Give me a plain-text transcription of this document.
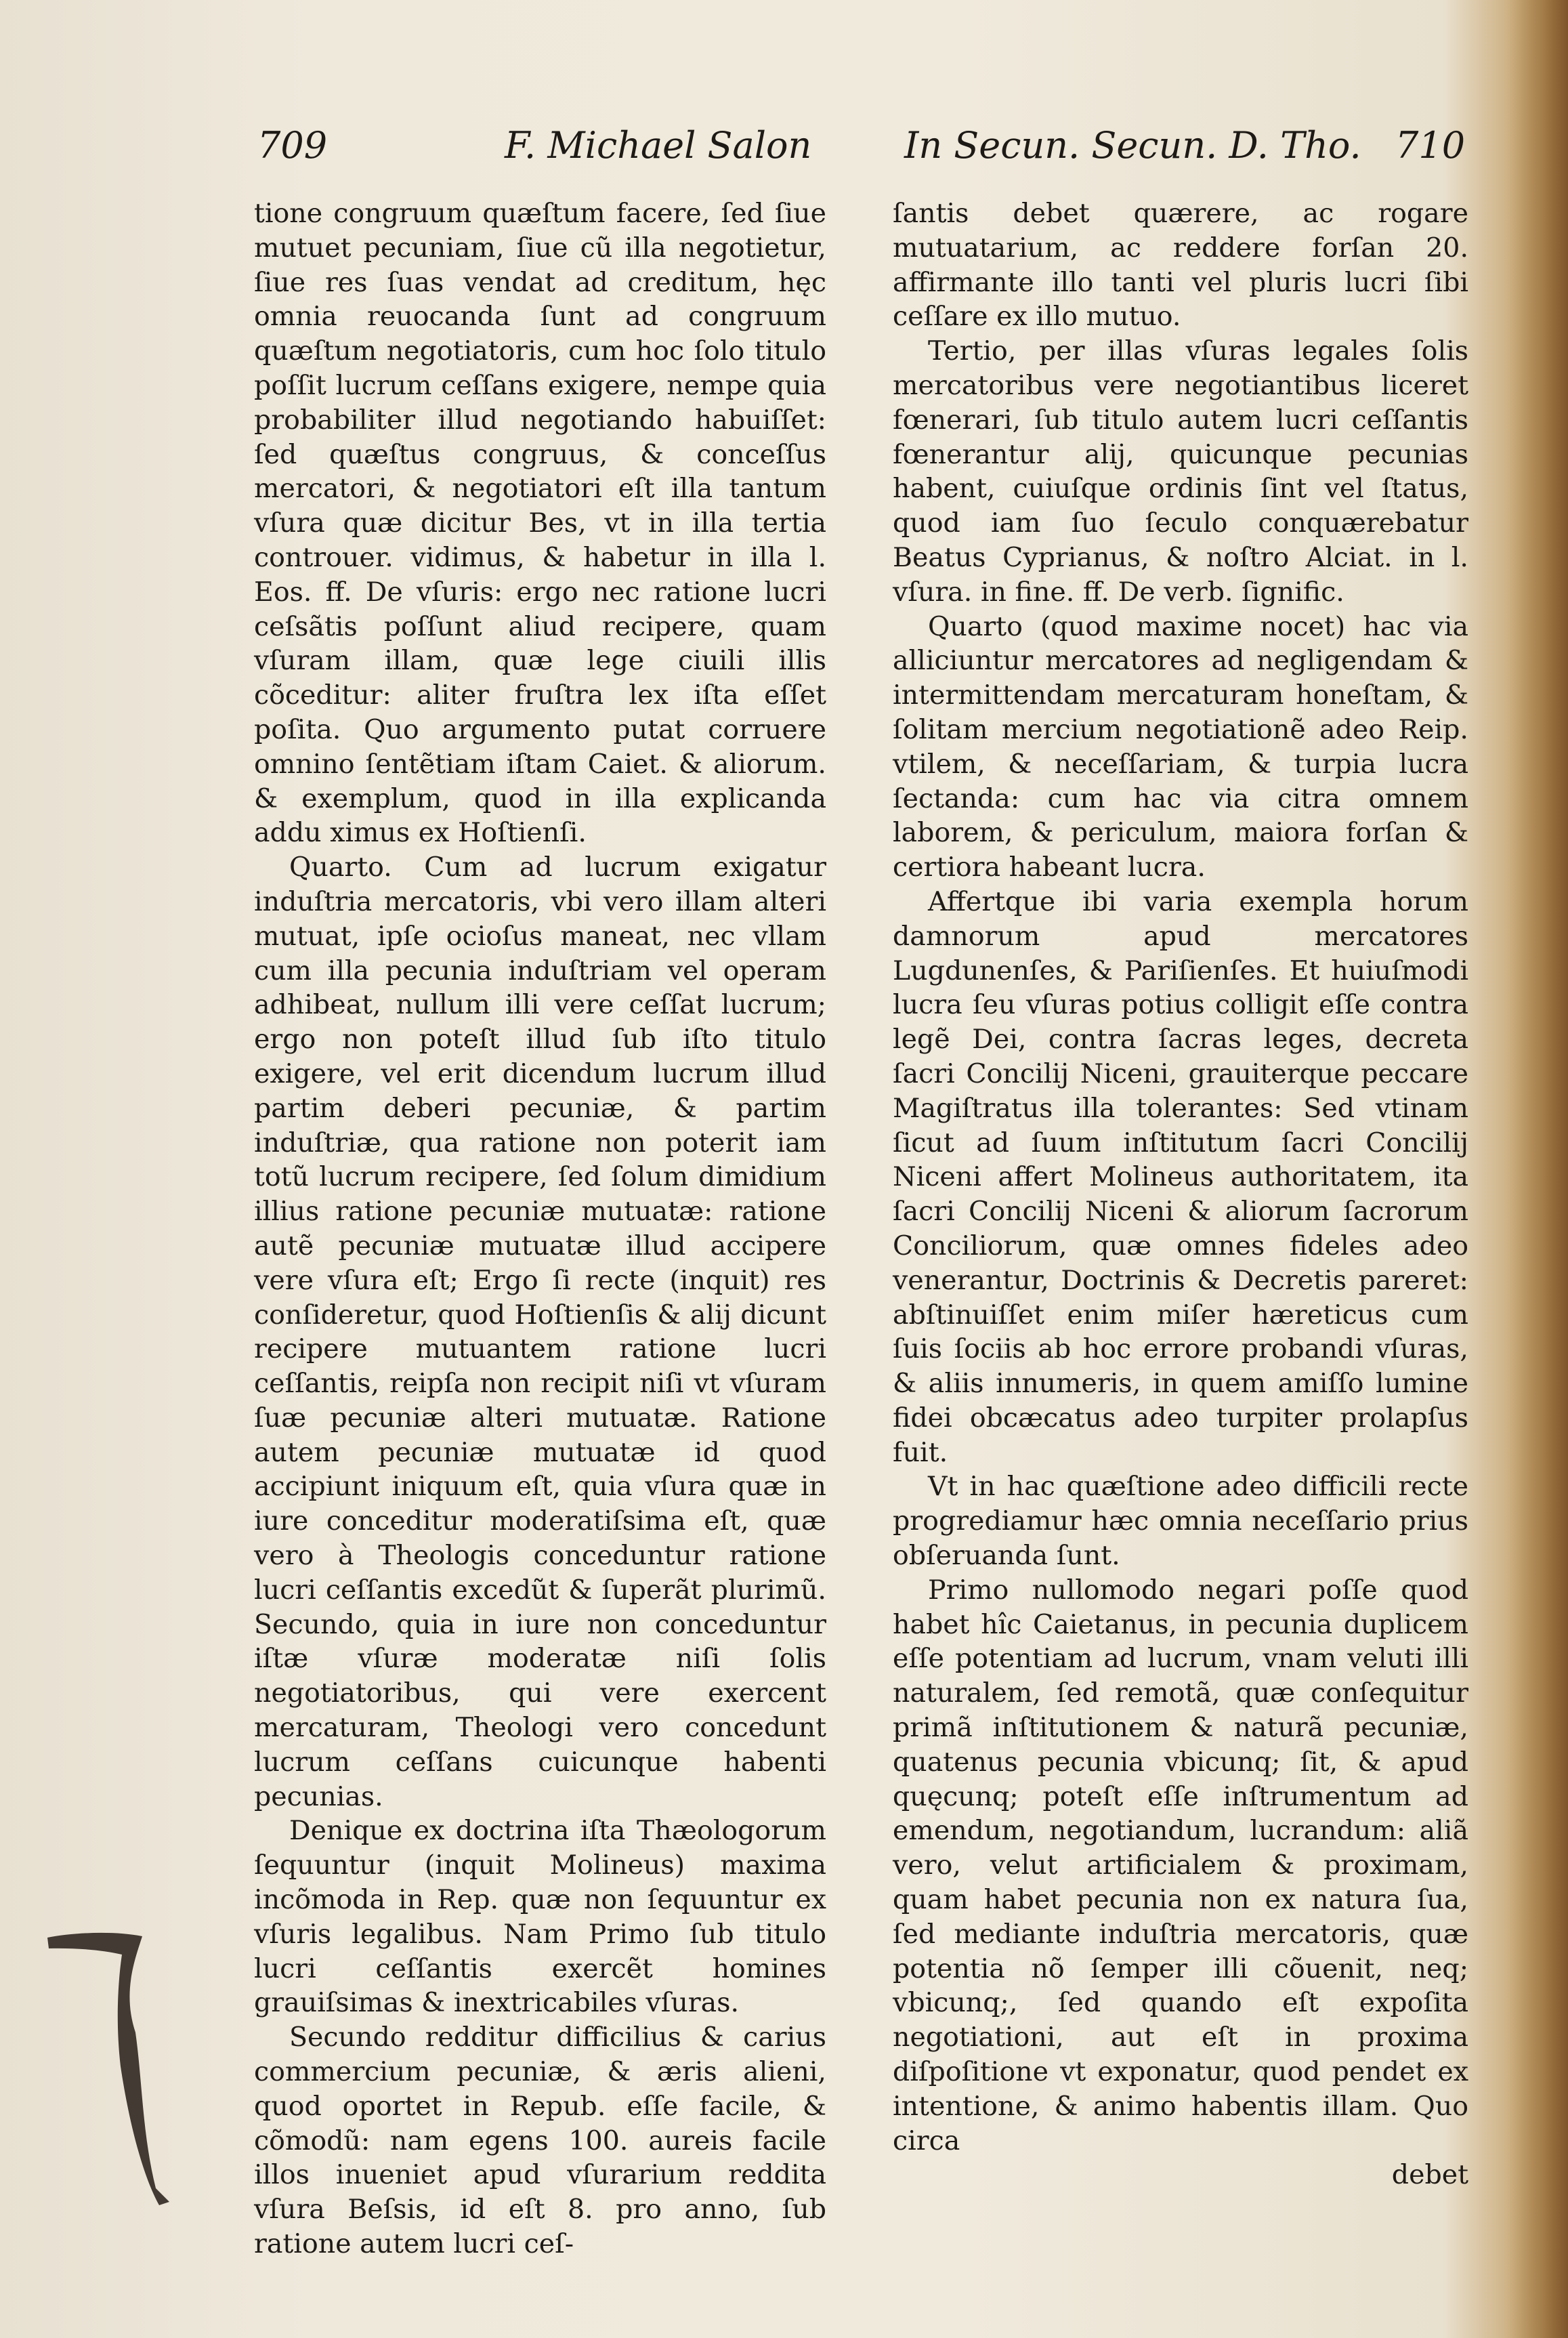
709	F. Michael Salon	In Secun. Secun. D. Tho. 710

tione congruum quæſtum facere, ſed ſiue mutuet pecuniam, ſiue cũ illa negotietur, ſiue res ſuas vendat ad creditum, hęc omnia reuocanda ſunt ad congruum quæſtum negotiatoris, cum hoc ſolo titulo poſſit lucrum ceſſans exigere, nempe quia probabiliter illud negotiando habuiſſet: ſed quæſtus congruus, & conceſſus mercatori, & negotiatori eſt illa tantum vſura quæ dicitur Bes, vt in illa tertia controuer. vidimus, & habetur in illa l. Eos. ff. De vſuris: ergo nec ratione lucri ceſsãtis poſſunt aliud recipere, quam vſuram illam, quæ lege ciuili illis cõceditur: aliter fruſtra lex iſta eſſet poſita. Quo argumento putat corruere omnino ſentẽtiam iſtam Caiet. & aliorum. & exemplum, quod in illa explicanda addu ximus ex Hoſtienſi.

Quarto. Cum ad lucrum exigatur induſtria mercatoris, vbi vero illam alteri mutuat, ipſe ocioſus maneat, nec vllam cum illa pecunia induſtriam vel operam adhibeat, nullum illi vere ceſſat lucrum; ergo non poteſt illud ſub iſto titulo exigere, vel erit dicendum lucrum illud partim deberi pecuniæ, & partim induſtriæ, qua ratione non poterit iam totũ lucrum recipere, ſed ſolum dimidium illius ratione pecuniæ mutuatæ: ratione autẽ pecuniæ mutuatæ illud accipere vere vſura eſt; Ergo ſi recte (inquit) res conſideretur, quod Hoſtienſis & alij dicunt recipere mutuantem ratione lucri ceſſantis, reipſa non recipit niſi vt vſuram ſuæ pecuniæ alteri mutuatæ. Ratione autem pecuniæ mutuatæ id quod accipiunt iniquum eſt, quia vſura quæ in iure conceditur moderatiſsima eſt, quæ vero à Theologis conceduntur ratione lucri ceſſantis excedũt & ſuperãt plurimũ. Secundo, quia in iure non conceduntur iſtæ vſuræ moderatæ niſi ſolis negotiatoribus, qui vere exercent mercaturam, Theologi vero concedunt lucrum ceſſans cuicunque habenti pecunias.

Denique ex doctrina iſta Thæologorum ſequuntur (inquit Molineus) maxima incõmoda in Rep. quæ non ſequuntur ex vſuris legalibus. Nam Primo ſub titulo lucri ceſſantis exercẽt homines grauiſsimas & inextricabiles vſuras.

Secundo redditur difficilius & carius commercium pecuniæ, & æris alieni, quod oportet in Repub. eſſe facile, & cõmodũ: nam egens 100. aureis facile illos inueniet apud vſurarium reddita vſura Beſsis, id eſt 8. pro anno, ſub ratione autem lucri ceſ-

ſantis debet quærere, ac rogare mutuatarium, ac reddere forſan 20. affirmante illo tanti vel pluris lucri ſibi ceſſare ex illo mutuo.

Tertio, per illas vſuras legales ſolis mercatoribus vere negotiantibus liceret fœnerari, ſub titulo autem lucri ceſſantis fœnerantur alij, quicunque pecunias habent, cuiuſque ordinis ſint vel ſtatus, quod iam ſuo ſeculo conquærebatur Beatus Cyprianus, & noſtro Alciat. in l. vſura. in fine. ff. De verb. ſignific.

Quarto (quod maxime nocet) hac via alliciuntur mercatores ad negligendam & intermittendam mercaturam honeſtam, & ſolitam mercium negotiationẽ adeo Reip. vtilem, & neceſſariam, & turpia lucra ſectanda: cum hac via citra omnem laborem, & periculum, maiora forſan & certiora habeant lucra.

Affertque ibi varia exempla horum damnorum apud mercatores Lugdunenſes, & Pariſienſes. Et huiuſmodi lucra ſeu vſuras potius colligit eſſe contra legẽ Dei, contra ſacras leges, decreta ſacri Concilij Niceni, grauiterque peccare Magiſtratus illa tolerantes: Sed vtinam ſicut ad ſuum inſtitutum ſacri Concilij Niceni affert Molineus authoritatem, ita ſacri Concilij Niceni & aliorum ſacrorum Conciliorum, quæ omnes fideles adeo venerantur, Doctrinis & Decretis pareret: abſtinuiſſet enim miſer hæreticus cum ſuis ſociis ab hoc errore probandi vſuras, & aliis innumeris, in quem amiſſo lumine fidei obcæcatus adeo turpiter prolapſus fuit.

Vt in hac quæſtione adeo difficili recte progrediamur hæc omnia neceſſario prius obſeruanda ſunt.

Primo nullomodo negari poſſe quod habet hîc Caietanus, in pecunia duplicem eſſe potentiam ad lucrum, vnam veluti illi naturalem, ſed remotã, quæ conſequitur primã inſtitutionem & naturã pecuniæ, quatenus pecunia vbicunq; ſit, & apud quęcunq; poteſt eſſe inſtrumentum ad emendum, negotiandum, lucrandum: aliã vero, velut artificialem & proximam, quam habet pecunia non ex natura ſua, ſed mediante induſtria mercatoris, quæ potentia nõ ſemper illi cõuenit, neq; vbicunq;, ſed quando eſt expoſita negotiationi, aut eſt in proxima diſpoſitione vt exponatur, quod pendet ex intentione, & animo habentis illam. Quo circa

debet
